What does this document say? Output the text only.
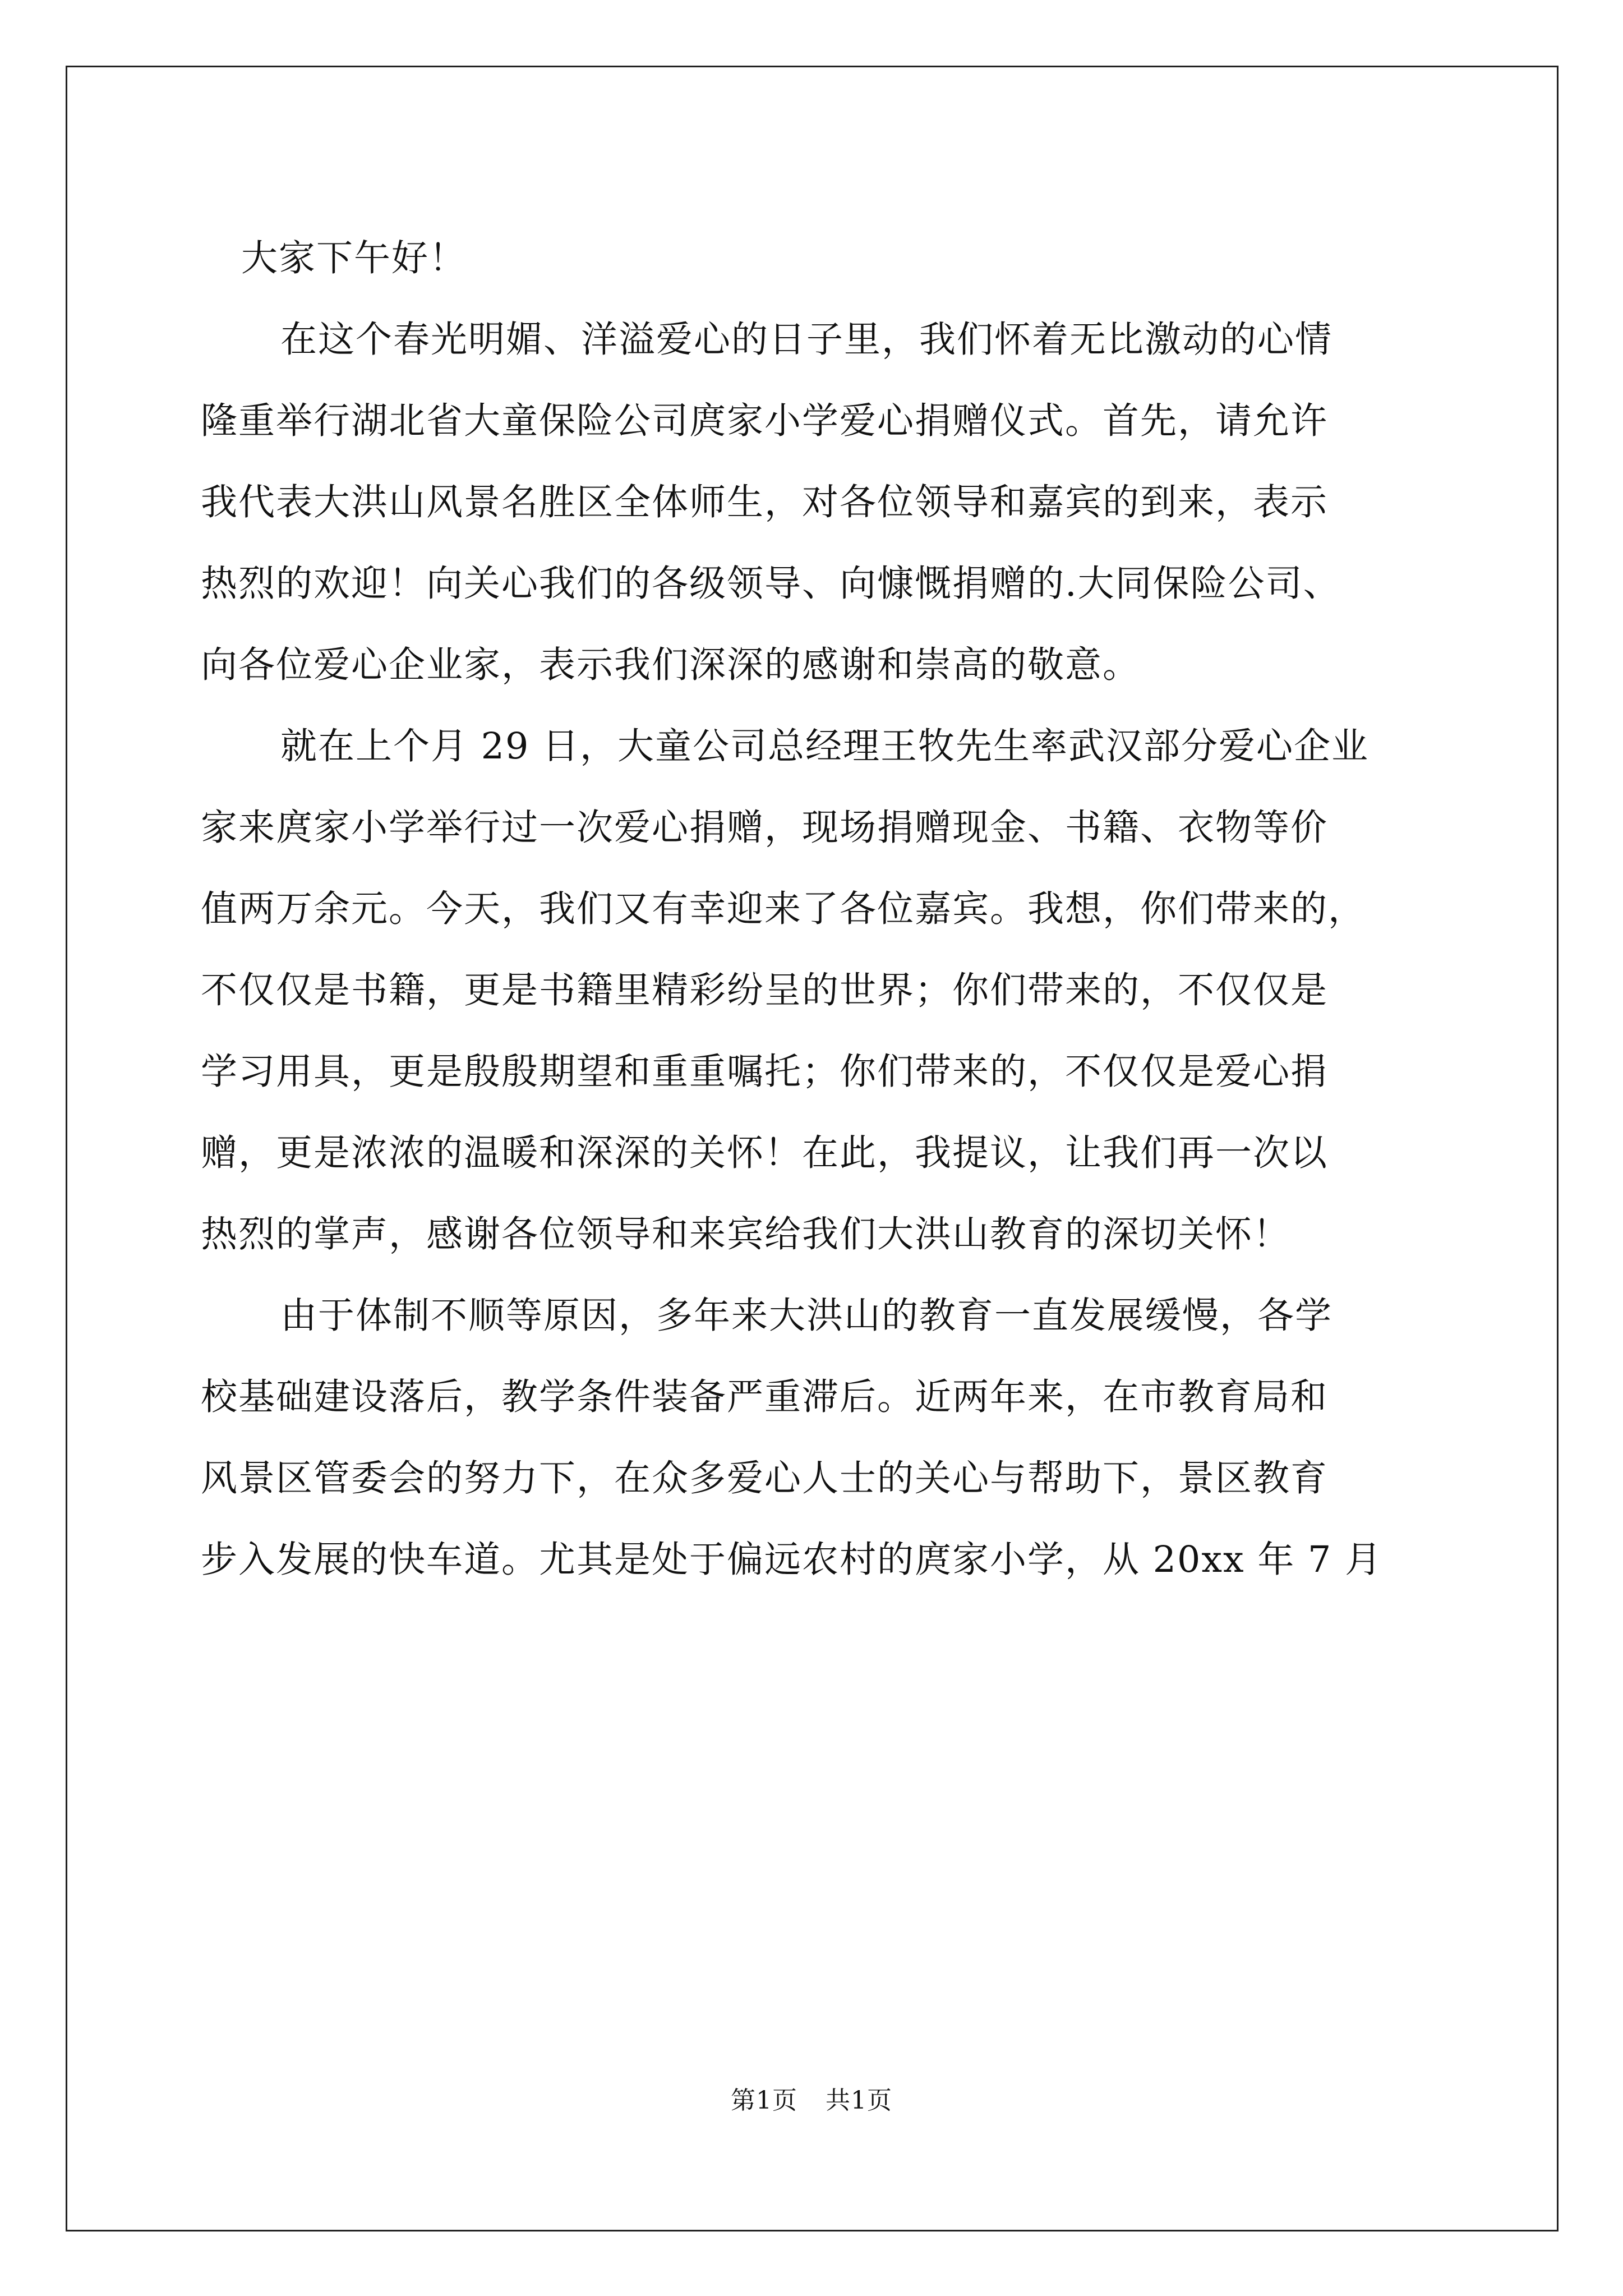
大家下午好！
在这个春光明媚、洋溢爱心的日子里，我们怀着无比激动的心情
隆重举行湖北省大童保险公司庹家小学爱心捐赠仪式。首先，请允许
我代表大洪山风景名胜区全体师生，对各位领导和嘉宾的到来，表示
热烈的欢迎！向关心我们的各级领导、向慷慨捐赠的.大同保险公司、
向各位爱心企业家，表示我们深深的感谢和崇高的敬意。
就在上个月 29 日，大童公司总经理王牧先生率武汉部分爱心企业
家来庹家小学举行过一次爱心捐赠，现场捐赠现金、书籍、衣物等价
值两万余元。今天，我们又有幸迎来了各位嘉宾。我想，你们带来的，
不仅仅是书籍，更是书籍里精彩纷呈的世界；你们带来的，不仅仅是
学习用具，更是殷殷期望和重重嘱托；你们带来的，不仅仅是爱心捐
赠，更是浓浓的温暖和深深的关怀！在此，我提议，让我们再一次以
热烈的掌声，感谢各位领导和来宾给我们大洪山教育的深切关怀！
由于体制不顺等原因，多年来大洪山的教育一直发展缓慢，各学
校基础建设落后，教学条件装备严重滞后。近两年来，在市教育局和
风景区管委会的努力下，在众多爱心人士的关心与帮助下，景区教育
步入发展的快车道。尤其是处于偏远农村的庹家小学，从 20xx 年 7 月
第1页 共1页
